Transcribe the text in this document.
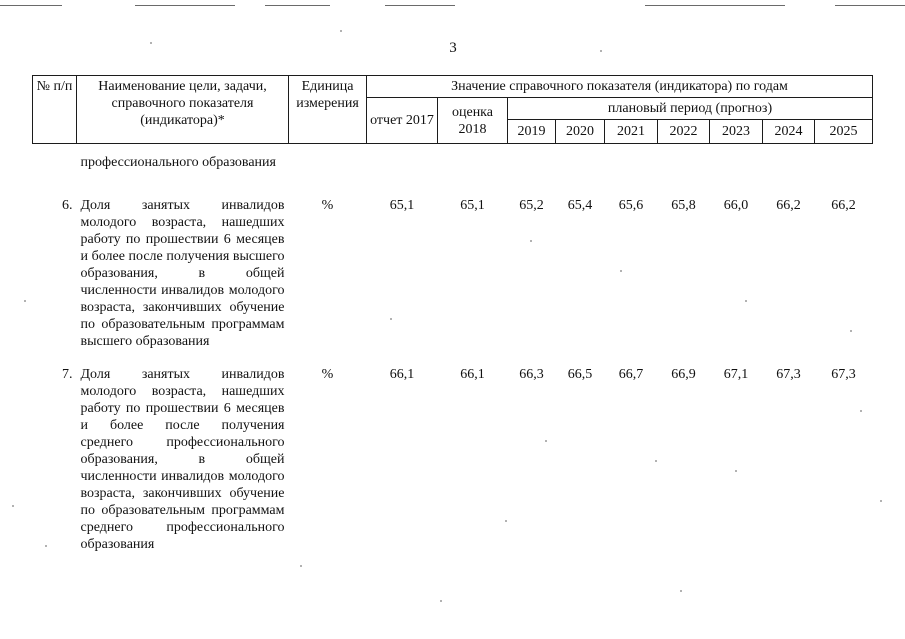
3
№ п/п	Наименование цели, задачи, справочного показателя (индикатора)*	Единица измерения	Значение справочного показателя (индикатора) по годам								
			отчет 2017	оценка 2018	плановый период (прогноз)						
					2019	2020	2021	2022	2023	2024	2025
	профессионального образования										
6.	Доля занятых инвалидов молодого возраста, нашедших работу по прошествии 6 месяцев и более после получения высшего образования, в общей численности инвалидов молодого возраста, закончивших обучение по образовательным программам высшего образования	%	65,1	65,1	65,2	65,4	65,6	65,8	66,0	66,2	66,2
7.	Доля занятых инвалидов молодого возраста, нашедших работу по прошествии 6 месяцев и более после получения среднего профессионального образования, в общей численности инвалидов молодого возраста, закончивших обучение по образовательным программам среднего профессионального образования	%	66,1	66,1	66,3	66,5	66,7	66,9	67,1	67,3	67,3
